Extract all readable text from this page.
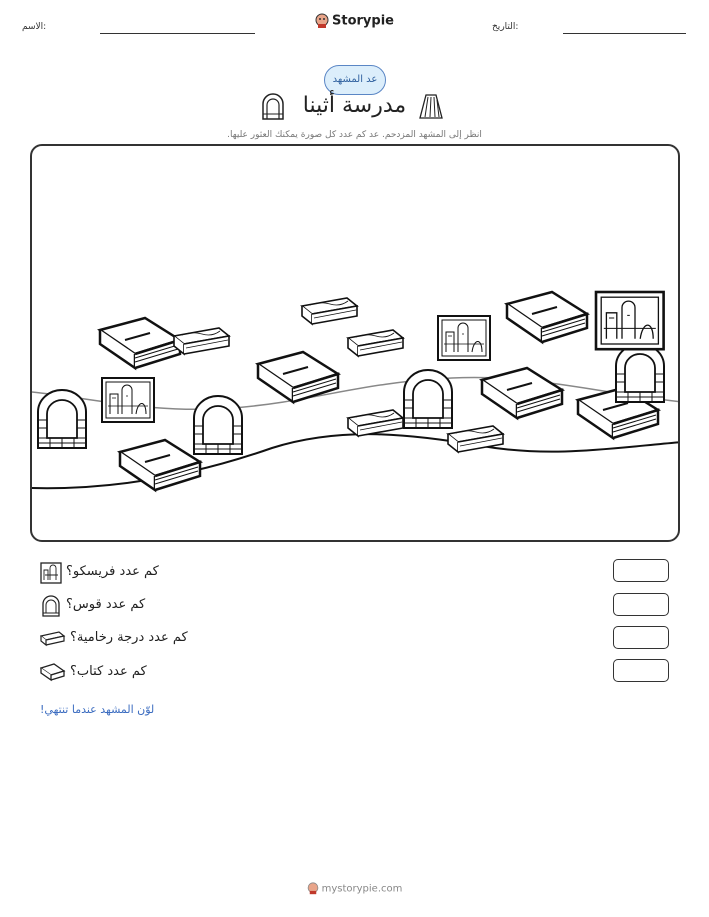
الاسم:	Storypie	التاريخ:
عد المشهد
مدرسة أثينا
انظر إلى المشهد المزدحم. عد كم عدد كل صورة يمكنك العثور عليها.
كم عدد فريسكو؟
كم عدد قوس؟
كم عدد درجة رخامية؟
كم عدد كتاب؟
لوّن المشهد عندما تنتهي!
mystorypie.com
